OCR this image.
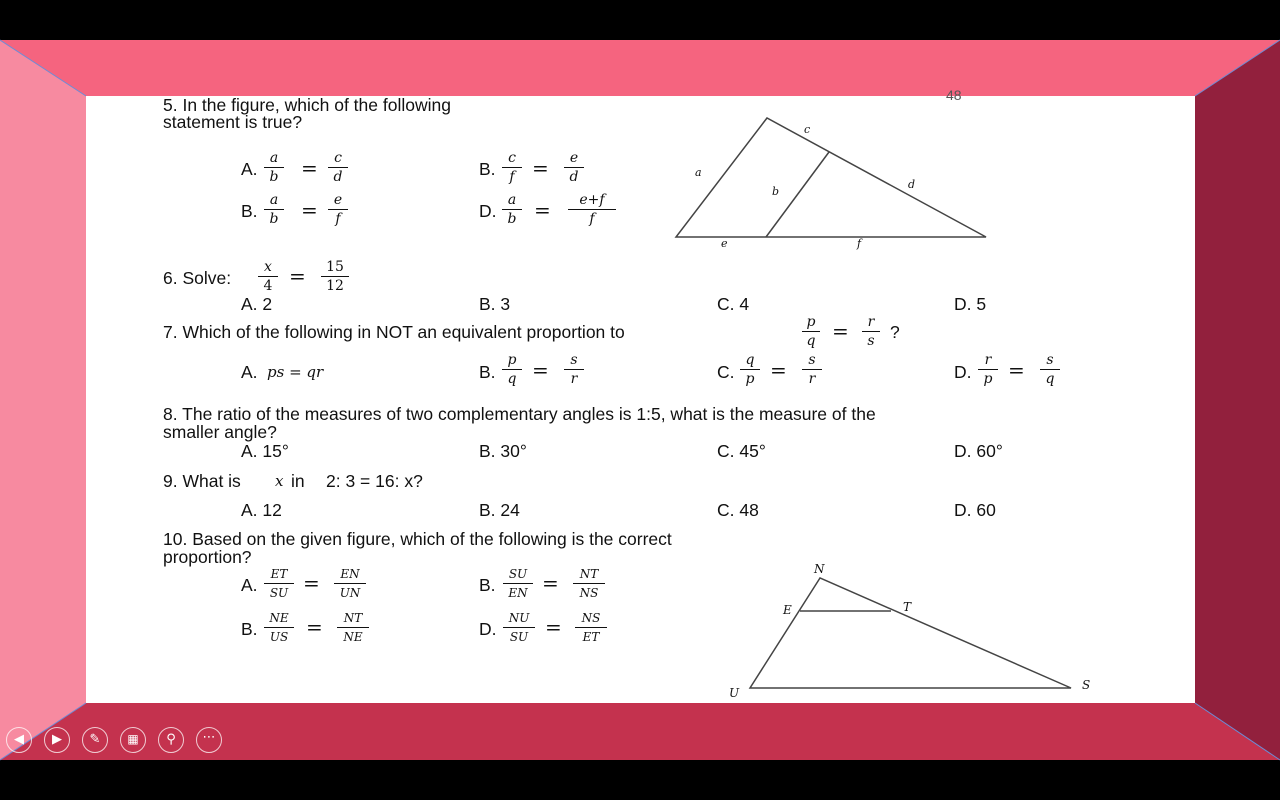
5. In the figure, which of the following
statement is true?
48
A. $\frac{a}{b} = \frac{c}{d}$	B. $\frac{c}{f} = \frac{e}{d}$
B. $\frac{a}{b} = \frac{e}{f}$	D. $\frac{a}{b} = \frac{e+f}{f}$
c
a
b
d
e	f
6. Solve: $\frac{x}{4} = \frac{15}{12}$
A. 2	B. 3	C. 4	D. 5
7. Which of the following in NOT an equivalent proportion to	$\frac{p}{q} = \frac{r}{s}$ ?
A. ps = qr	B. $\frac{p}{q} = \frac{s}{r}$	C. $\frac{q}{p} = \frac{s}{r}$	D. $\frac{r}{p} = \frac{s}{q}$
8. The ratio of the measures of two complementary angles is 1:5, what is the measure of the
smaller angle?
A. 15°	B. 30°	C. 45°	D. 60°
9. What is x in 2: 3 = 16: x?
A. 12	B. 24	C. 48	D. 60
10. Based on the given figure, which of the following is the correct
proportion?
A. $\frac{ET}{SU} = \frac{EN}{UN}$	B. $\frac{SU}{EN} = \frac{NT}{NS}$
B. $\frac{NE}{US} = \frac{NT}{NE}$	D. $\frac{NU}{SU} = \frac{NS}{ET}$
N
E	T
U
S
◀	▶	✎	▦	⚲	⋯
